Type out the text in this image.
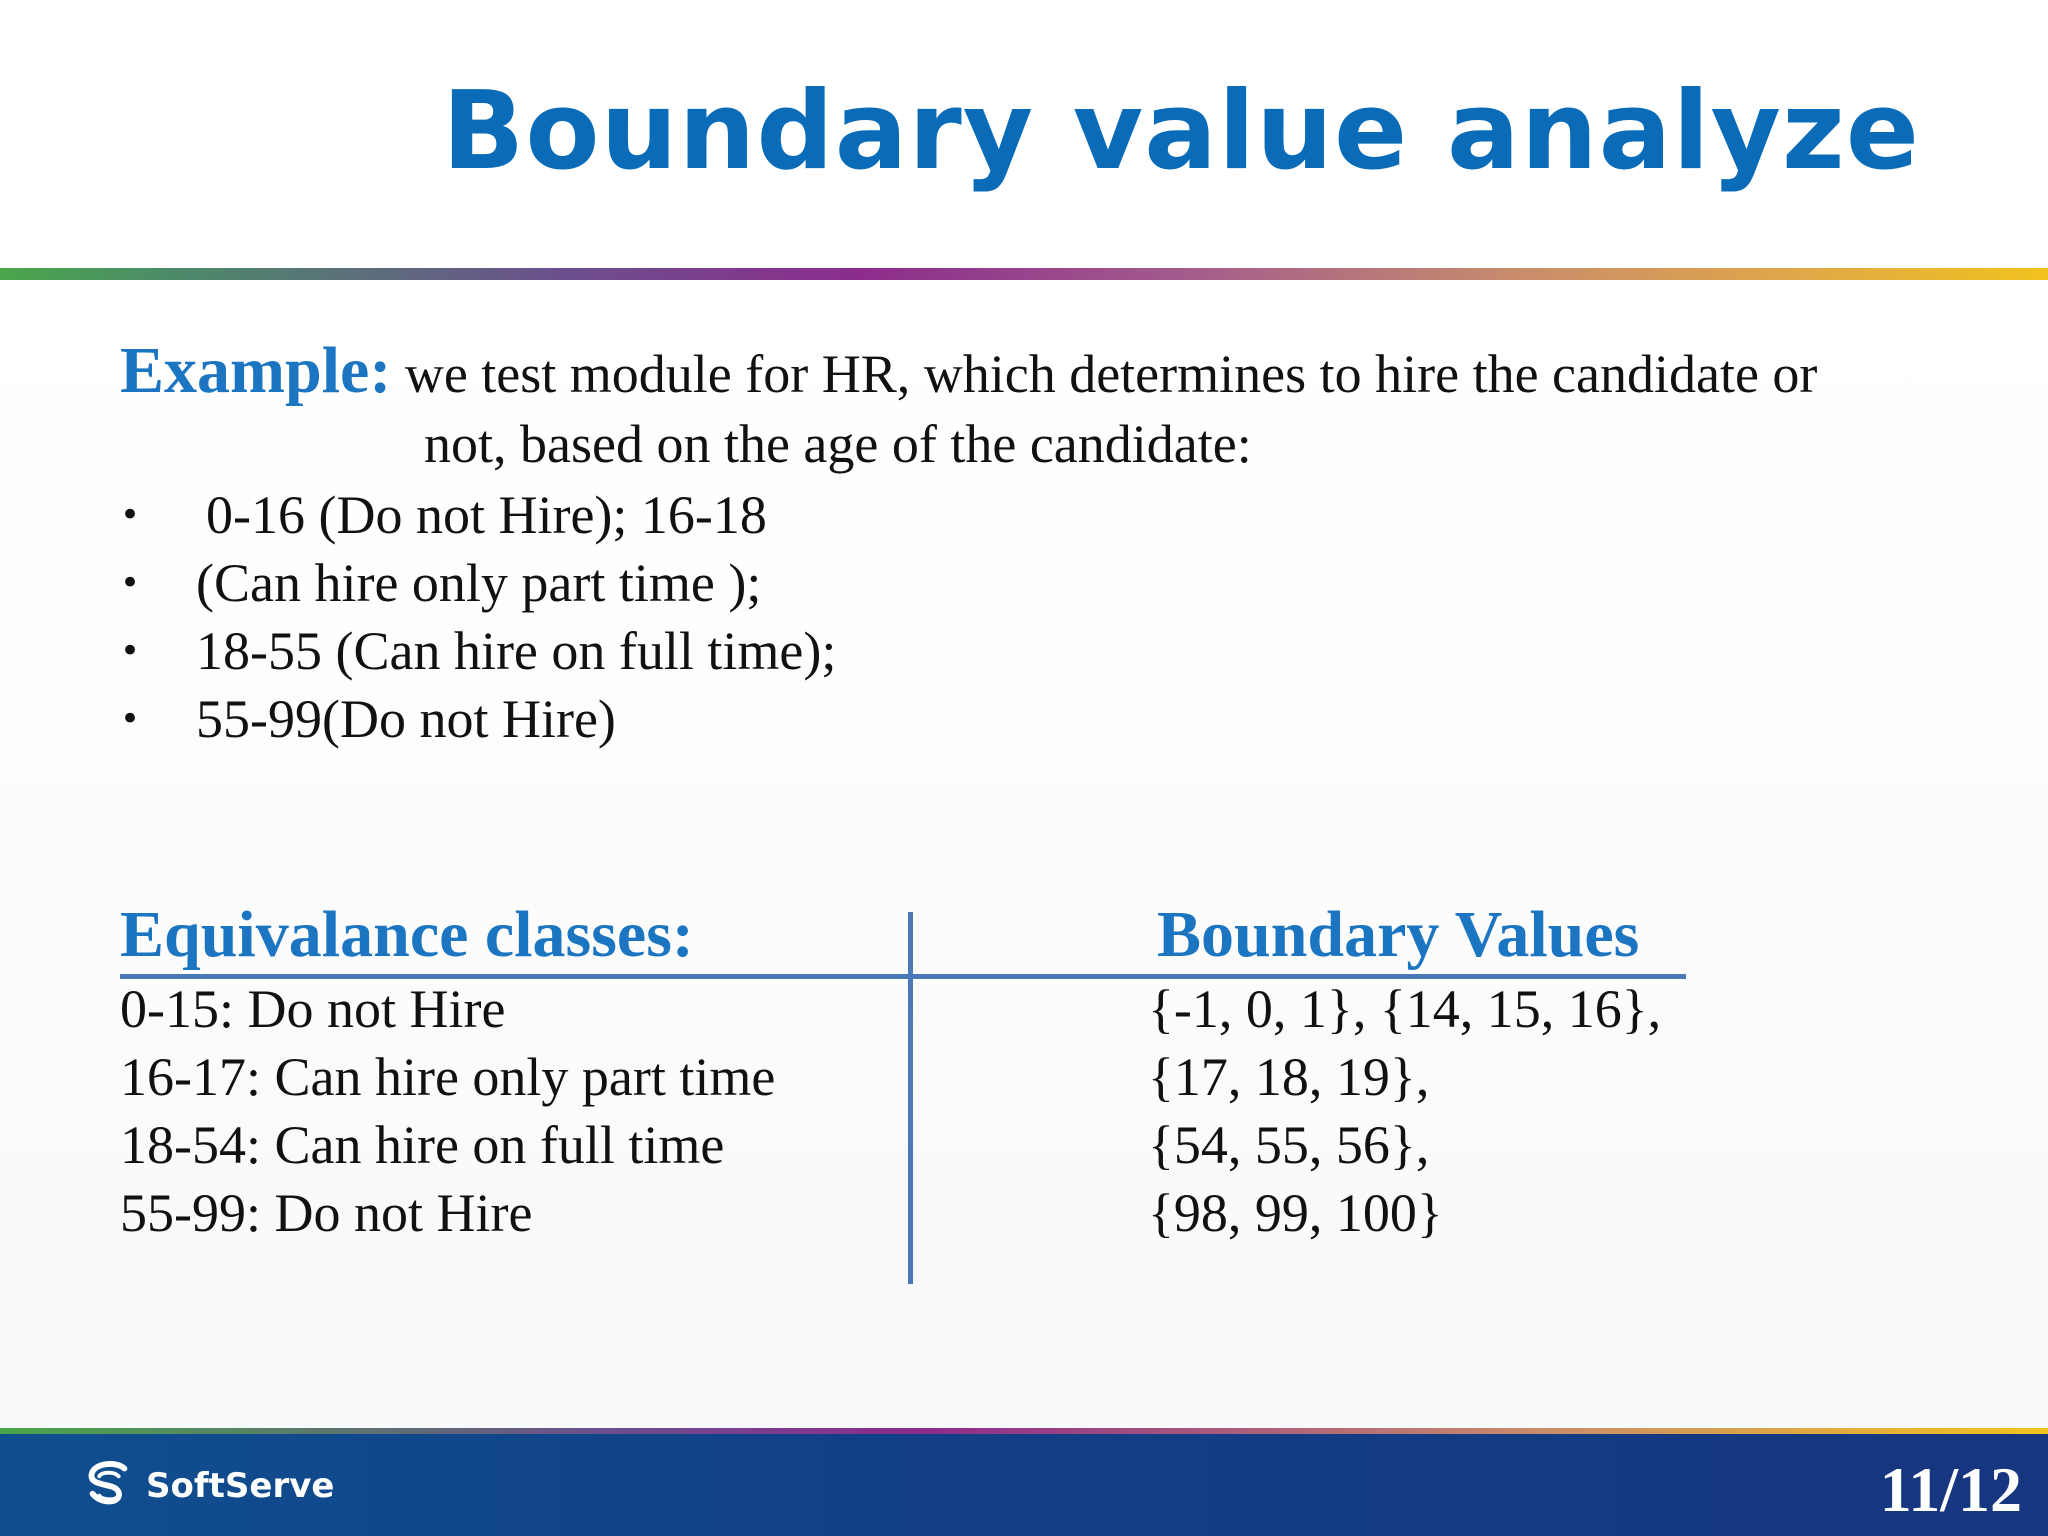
Boundary value analyze
Example: we test module for HR, which determines to hire the candidate or
not, based on the age of the candidate:
• 0-16 (Do not Hire); 16-18
• (Can hire only part time );
• 18-55 (Can hire on full time);
• 55-99(Do not Hire)
Equivalance classes:	Boundary Values
0-15: Do not Hire
16-17: Can hire only part time
18-54: Can hire on full time
55-99: Do not Hire
{-1, 0, 1}, {14, 15, 16},
{17, 18, 19},
{54, 55, 56},
{98, 99, 100}
SoftServe	11/12
